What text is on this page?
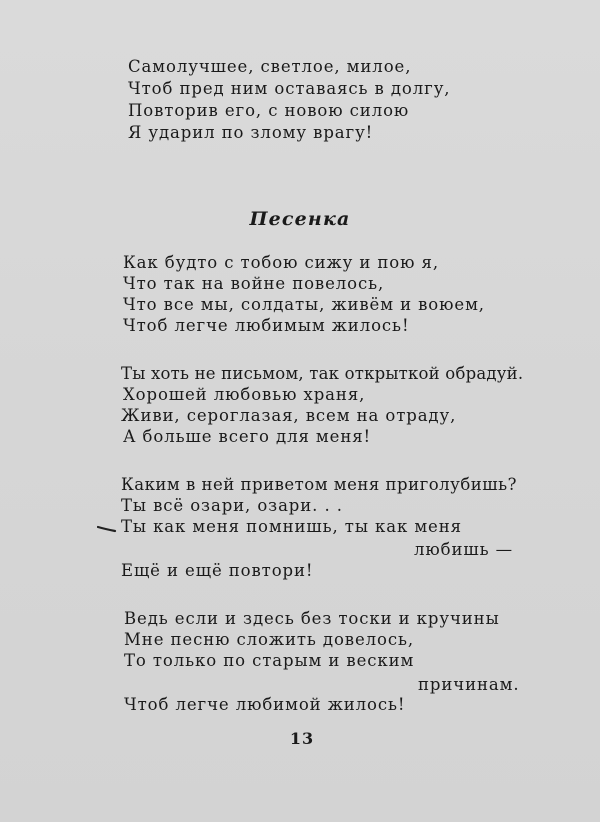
Самолучшее, светлое, милое,
Чтоб пред ним оставаясь в долгу,
Повторив его, с новою силою
Я ударил по злому врагу!
Песенка
Как будто с тобою сижу и пою я,
Что так на войне повелось,
Что все мы, солдаты, живём и воюем,
Чтоб легче любимым жилось!
Ты хоть не письмом, так открыткой обрадуй.
Хорошей любовью храня,
Живи, сероглазая, всем на отраду,
А больше всего для меня!
Каким в ней приветом меня приголубишь?
Ты всё озари, озари. . .
Ты как меня помнишь, ты как меня
любишь —
Ещё и ещё повтори!
Ведь если и здесь без тоски и кручины
Мне песню сложить довелось,
То только по старым и веским
причинам.
Чтоб легче любимой жилось!
13
